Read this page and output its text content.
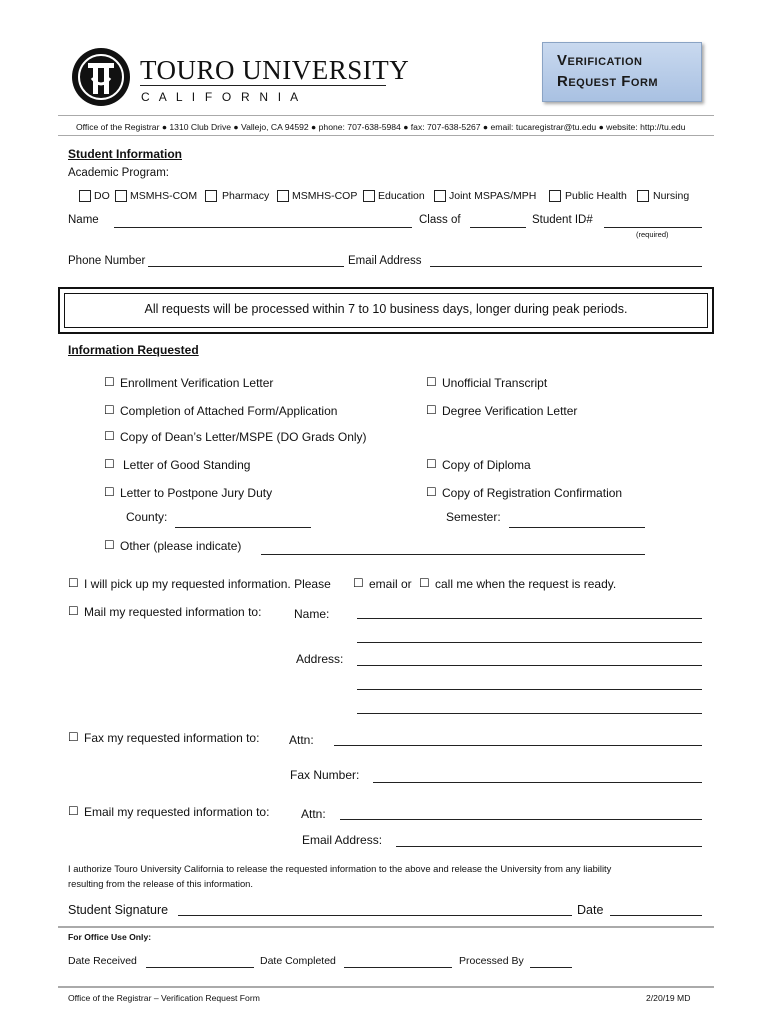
TOURO UNIVERSITY
C A L I F O R N I A
Verification
Request Form
Office of the Registrar ● 1310 Club Drive ● Vallejo, CA 94592 ● phone: 707-638-5984 ● fax: 707-638-5267 ● email: tucaregistrar@tu.edu ● website: http://tu.edu
Student Information
Academic Program:
DO MSMHS-COM Pharmacy MSMHS-COP Education Joint MSPAS/MPH	Public Health Nursing
Name	Class of	Student ID#
(required)
Phone Number	Email Address
All requests will be processed within 7 to 10 business days, longer during peak periods.
Information Requested
☐ Enrollment Verification Letter	☐ Unofficial Transcript
☐ Completion of Attached Form/Application	☐ Degree Verification Letter
☐ Copy of Dean’s Letter/MSPE (DO Grads Only)
☐ Letter of Good Standing	☐ Copy of Diploma
☐ Letter to Postpone Jury Duty	☐ Copy of Registration Confirmation
County:	Semester:
☐ Other (please indicate)
☐ I will pick up my requested information. Please ☐ email or ☐ call me when the request is ready.
☐ Mail my requested information to:	Name:
Address:
☐ Fax my requested information to: Attn:
Fax Number:
☐ Email my requested information to:	Attn:
Email Address:
I authorize Touro University California to release the requested information to the above and release the University from any liability
resulting from the release of this information.
Student Signature	Date
For Office Use Only:
Date Received	Date Completed	Processed By
Office of the Registrar – Verification Request Form	2/20/19 MD
